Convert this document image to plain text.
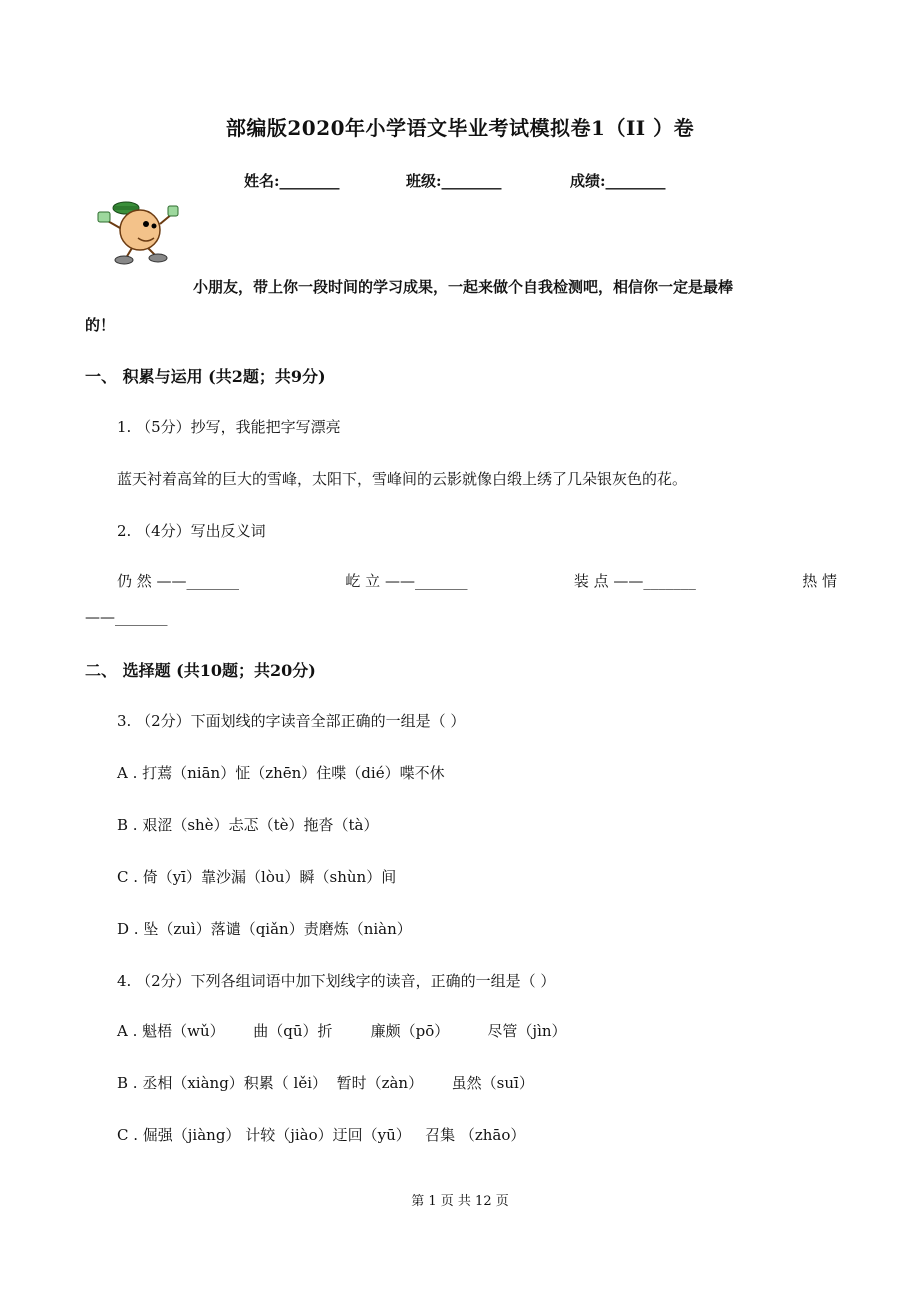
部编版2020年小学语文毕业考试模拟卷1（II ）卷
姓名:________	班级:________	成绩:________
小朋友，带上你一段时间的学习成果，一起来做个自我检测吧，相信你一定是最棒
的！
一、 积累与运用 (共2题；共9分)
1. （5分）抄写，我能把字写漂亮
蓝天衬着高耸的巨大的雪峰，太阳下，雪峰间的云影就像白缎上绣了几朵银灰色的花。
2. （4分）写出反义词
仍 然 ——_______	屹 立 ——_______	装 点 ——_______	热 情
——_______
二、 选择题 (共10题；共20分)
3. （2分）下面划线的字读音全部正确的一组是（ ）
A . 打蔫（niān）怔（zhēn）住喋（dié）喋不休
B . 艰涩（shè）忐忑（tè）拖沓（tà）
C . 倚（yī）靠沙漏（lòu）瞬（shùn）间
D . 坠（zuì）落谴（qiǎn）责磨炼（niàn）
4. （2分）下列各组词语中加下划线字的读音，正确的一组是（ ）
A . 魁梧（wǔ）      曲（qū）折        廉颇（pō）        尽管（jìn）
B . 丞相（xiàng）积累（ lěi）  暂时（zàn）      虽然（suī）
C . 倔强（jiàng） 计较（jiào）迂回（yū）   召集 （zhāo）
第 1 页 共 12 页
